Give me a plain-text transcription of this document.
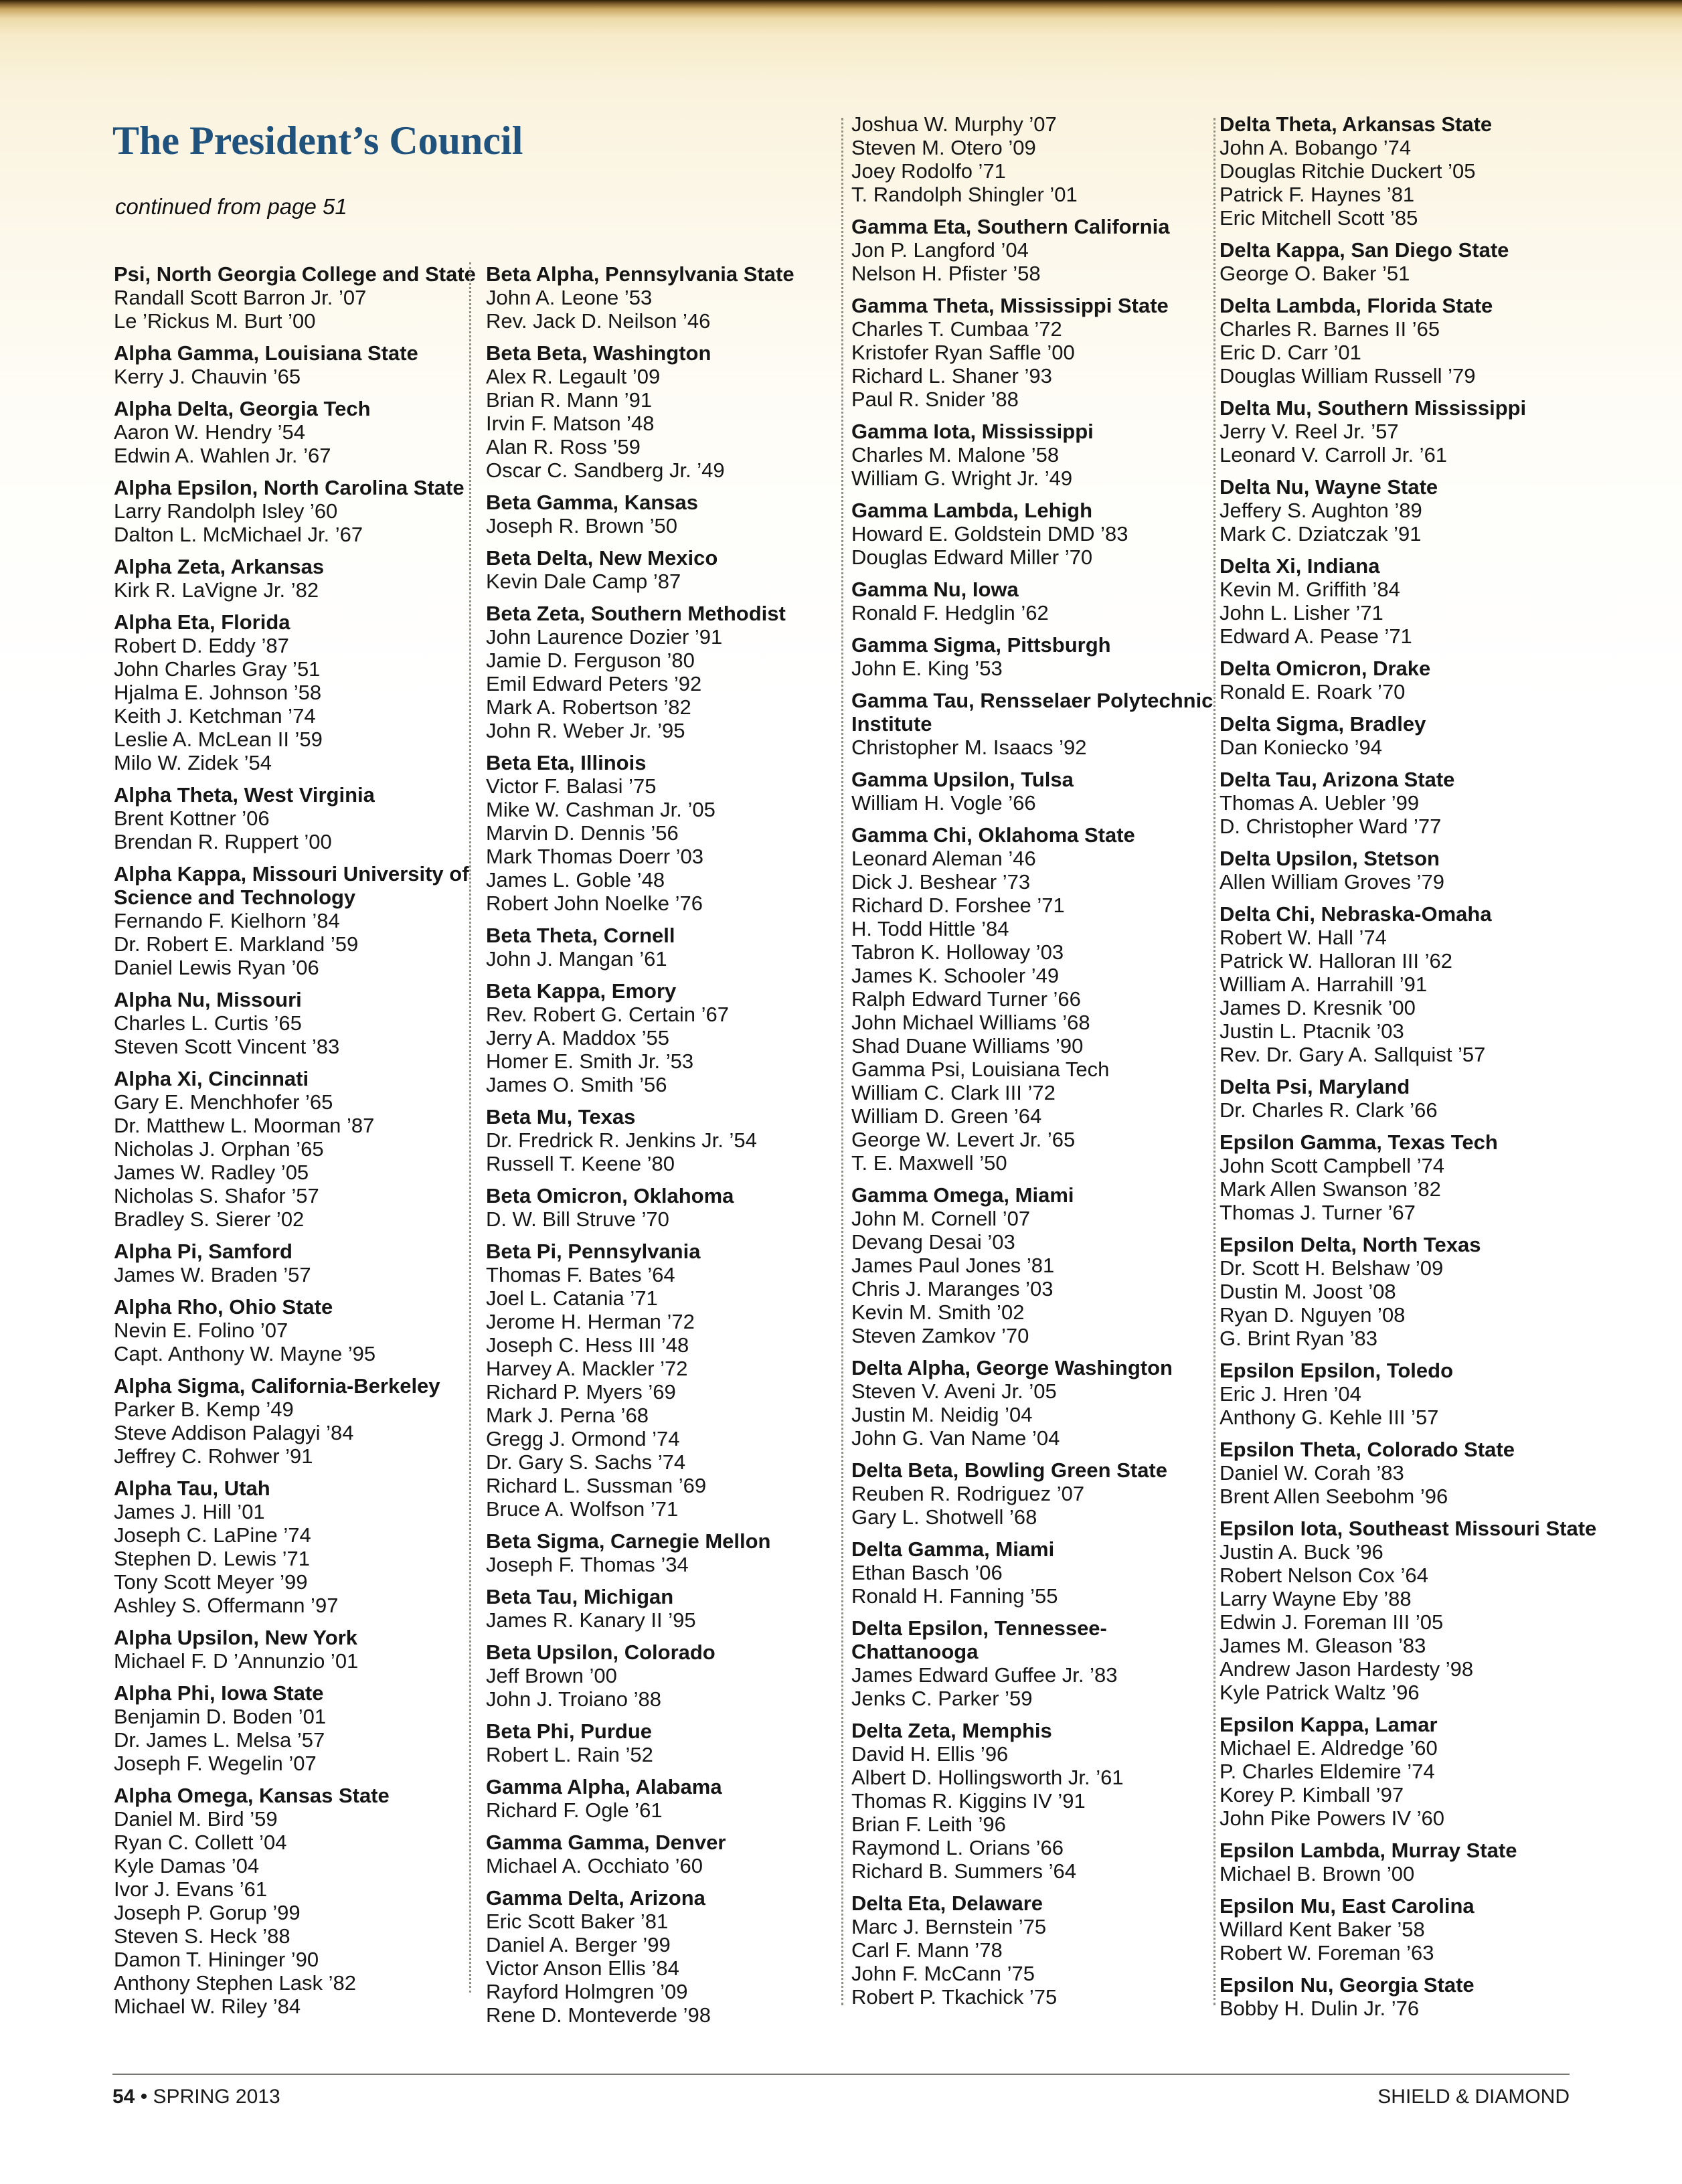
The President’s Council
continued from page 51
Psi, North Georgia College and State
Randall Scott Barron Jr. ’07
Le ’Rickus M. Burt ’00
Alpha Gamma, Louisiana State
Kerry J. Chauvin ’65
Alpha Delta, Georgia Tech
Aaron W. Hendry ’54
Edwin A. Wahlen Jr. ’67
Alpha Epsilon, North Carolina State
Larry Randolph Isley ’60
Dalton L. McMichael Jr. ’67
Alpha Zeta, Arkansas
Kirk R. LaVigne Jr. ’82
Alpha Eta, Florida
Robert D. Eddy ’87
John Charles Gray ’51
Hjalma E. Johnson ’58
Keith J. Ketchman ’74
Leslie A. McLean II ’59
Milo W. Zidek ’54
Alpha Theta, West Virginia
Brent Kottner ’06
Brendan R. Ruppert ’00
Alpha Kappa, Missouri University of Science and Technology
Fernando F. Kielhorn ’84
Dr. Robert E. Markland ’59
Daniel Lewis Ryan ’06
Alpha Nu, Missouri
Charles L. Curtis ’65
Steven Scott Vincent ’83
Alpha Xi, Cincinnati
Gary E. Menchhofer ’65
Dr. Matthew L. Moorman ’87
Nicholas J. Orphan ’65
James W. Radley ’05
Nicholas S. Shafor ’57
Bradley S. Sierer ’02
Alpha Pi, Samford
James W. Braden ’57
Alpha Rho, Ohio State
Nevin E. Folino ’07
Capt. Anthony W. Mayne ’95
Alpha Sigma, California-Berkeley
Parker B. Kemp ’49
Steve Addison Palagyi ’84
Jeffrey C. Rohwer ’91
Alpha Tau, Utah
James J. Hill ’01
Joseph C. LaPine ’74
Stephen D. Lewis ’71
Tony Scott Meyer ’99
Ashley S. Offermann ’97
Alpha Upsilon, New York
Michael F. D ’Annunzio ’01
Alpha Phi, Iowa State
Benjamin D. Boden ’01
Dr. James L. Melsa ’57
Joseph F. Wegelin ’07
Alpha Omega, Kansas State
Daniel M. Bird ’59
Ryan C. Collett ’04
Kyle Damas ’04
Ivor J. Evans ’61
Joseph P. Gorup ’99
Steven S. Heck ’88
Damon T. Hininger ’90
Anthony Stephen Lask ’82
Michael W. Riley ’84
Beta Alpha, Pennsylvania State
John A. Leone ’53
Rev. Jack D. Neilson ’46
Beta Beta, Washington
Alex R. Legault ’09
Brian R. Mann ’91
Irvin F. Matson ’48
Alan R. Ross ’59
Oscar C. Sandberg Jr. ’49
Beta Gamma, Kansas
Joseph R. Brown ’50
Beta Delta, New Mexico
Kevin Dale Camp ’87
Beta Zeta, Southern Methodist
John Laurence Dozier ’91
Jamie D. Ferguson ’80
Emil Edward Peters ’92
Mark A. Robertson ’82
John R. Weber Jr. ’95
Beta Eta, Illinois
Victor F. Balasi ’75
Mike W. Cashman Jr. ’05
Marvin D. Dennis ’56
Mark Thomas Doerr ’03
James L. Goble ’48
Robert John Noelke ’76
Beta Theta, Cornell
John J. Mangan ’61
Beta Kappa, Emory
Rev. Robert G. Certain ’67
Jerry A. Maddox ’55
Homer E. Smith Jr. ’53
James O. Smith ’56
Beta Mu, Texas
Dr. Fredrick R. Jenkins Jr. ’54
Russell T. Keene ’80
Beta Omicron, Oklahoma
D. W. Bill Struve ’70
Beta Pi, Pennsylvania
Thomas F. Bates ’64
Joel L. Catania ’71
Jerome H. Herman ’72
Joseph C. Hess III ’48
Harvey A. Mackler ’72
Richard P. Myers ’69
Mark J. Perna ’68
Gregg J. Ormond ’74
Dr. Gary S. Sachs ’74
Richard L. Sussman ’69
Bruce A. Wolfson ’71
Beta Sigma, Carnegie Mellon
Joseph F. Thomas ’34
Beta Tau, Michigan
James R. Kanary II ’95
Beta Upsilon, Colorado
Jeff Brown ’00
John J. Troiano ’88
Beta Phi, Purdue
Robert L. Rain ’52
Gamma Alpha, Alabama
Richard F. Ogle ’61
Gamma Gamma, Denver
Michael A. Occhiato ’60
Gamma Delta, Arizona
Eric Scott Baker ’81
Daniel A. Berger ’99
Victor Anson Ellis ’84
Rayford Holmgren ’09
Rene D. Monteverde ’98
Joshua W. Murphy ’07
Steven M. Otero ’09
Joey Rodolfo ’71
T. Randolph Shingler ’01
Gamma Eta, Southern California
Jon P. Langford ’04
Nelson H. Pfister ’58
Gamma Theta, Mississippi State
Charles T. Cumbaa ’72
Kristofer Ryan Saffle ’00
Richard L. Shaner ’93
Paul R. Snider ’88
Gamma Iota, Mississippi
Charles M. Malone ’58
William G. Wright Jr. ’49
Gamma Lambda, Lehigh
Howard E. Goldstein DMD ’83
Douglas Edward Miller ’70
Gamma Nu, Iowa
Ronald F. Hedglin ’62
Gamma Sigma, Pittsburgh
John E. King ’53
Gamma Tau, Rensselaer Polytechnic Institute
Christopher M. Isaacs ’92
Gamma Upsilon, Tulsa
William H. Vogle ’66
Gamma Chi, Oklahoma State
Leonard Aleman ’46
Dick J. Beshear ’73
Richard D. Forshee ’71
H. Todd Hittle ’84
Tabron K. Holloway ’03
James K. Schooler ’49
Ralph Edward Turner ’66
John Michael Williams ’68
Shad Duane Williams ’90
Gamma Psi, Louisiana Tech
William C. Clark III ’72
William D. Green ’64
George W. Levert Jr. ’65
T. E. Maxwell ’50
Gamma Omega, Miami
John M. Cornell ’07
Devang Desai ’03
James Paul Jones ’81
Chris J. Maranges ’03
Kevin M. Smith ’02
Steven Zamkov ’70
Delta Alpha, George Washington
Steven V. Aveni Jr. ’05
Justin M. Neidig ’04
John G. Van Name ’04
Delta Beta, Bowling Green State
Reuben R. Rodriguez ’07
Gary L. Shotwell ’68
Delta Gamma, Miami
Ethan Basch ’06
Ronald H. Fanning ’55
Delta Epsilon, Tennessee-Chattanooga
James Edward Guffee Jr. ’83
Jenks C. Parker ’59
Delta Zeta, Memphis
David H. Ellis ’96
Albert D. Hollingsworth Jr. ’61
Thomas R. Kiggins IV ’91
Brian F. Leith ’96
Raymond L. Orians ’66
Richard B. Summers ’64
Delta Eta, Delaware
Marc J. Bernstein ’75
Carl F. Mann ’78
John F. McCann ’75
Robert P. Tkachick ’75
Delta Theta, Arkansas State
John A. Bobango ’74
Douglas Ritchie Duckert ’05
Patrick F. Haynes ’81
Eric Mitchell Scott ’85
Delta Kappa, San Diego State
George O. Baker ’51
Delta Lambda, Florida State
Charles R. Barnes II ’65
Eric D. Carr ’01
Douglas William Russell ’79
Delta Mu, Southern Mississippi
Jerry V. Reel Jr. ’57
Leonard V. Carroll Jr. ’61
Delta Nu, Wayne State
Jeffery S. Aughton ’89
Mark C. Dziatczak ’91
Delta Xi, Indiana
Kevin M. Griffith ’84
John L. Lisher ’71
Edward A. Pease ’71
Delta Omicron, Drake
Ronald E. Roark ’70
Delta Sigma, Bradley
Dan Koniecko ’94
Delta Tau, Arizona State
Thomas A. Uebler ’99
D. Christopher Ward ’77
Delta Upsilon, Stetson
Allen William Groves ’79
Delta Chi, Nebraska-Omaha
Robert W. Hall ’74
Patrick W. Halloran III ’62
William A. Harrahill ’91
James D. Kresnik ’00
Justin L. Ptacnik ’03
Rev. Dr. Gary A. Sallquist ’57
Delta Psi, Maryland
Dr. Charles R. Clark ’66
Epsilon Gamma, Texas Tech
John Scott Campbell ’74
Mark Allen Swanson ’82
Thomas J. Turner ’67
Epsilon Delta, North Texas
Dr. Scott H. Belshaw ’09
Dustin M. Joost ’08
Ryan D. Nguyen ’08
G. Brint Ryan ’83
Epsilon Epsilon, Toledo
Eric J. Hren ’04
Anthony G. Kehle III ’57
Epsilon Theta, Colorado State
Daniel W. Corah ’83
Brent Allen Seebohm ’96
Epsilon Iota, Southeast Missouri State
Justin A. Buck ’96
Robert Nelson Cox ’64
Larry Wayne Eby ’88
Edwin J. Foreman III ’05
James M. Gleason ’83
Andrew Jason Hardesty ’98
Kyle Patrick Waltz ’96
Epsilon Kappa, Lamar
Michael E. Aldredge ’60
P. Charles Eldemire ’74
Korey P. Kimball ’97
John Pike Powers IV ’60
Epsilon Lambda, Murray State
Michael B. Brown ’00
Epsilon Mu, East Carolina
Willard Kent Baker ’58
Robert W. Foreman ’63
Epsilon Nu, Georgia State
Bobby H. Dulin Jr. ’76
54 • SPRING 2013	SHIELD & DIAMOND
